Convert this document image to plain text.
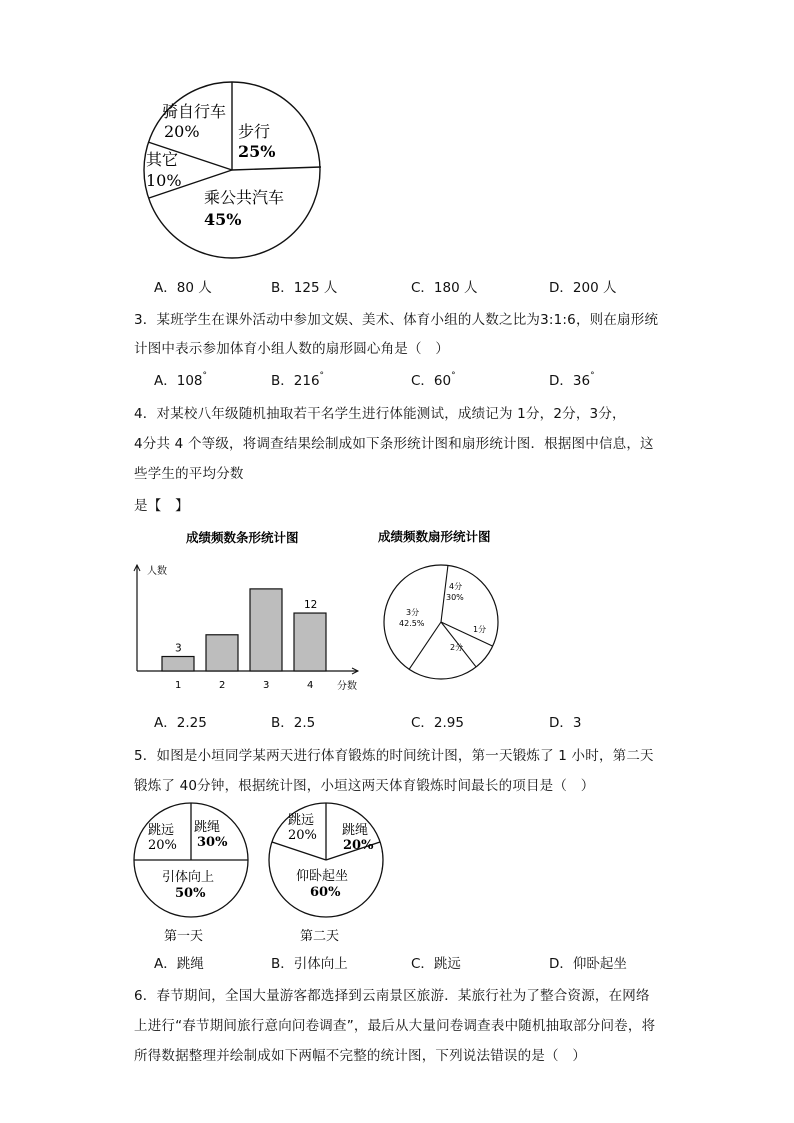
骑自行车
20% 步行
25%
其它
10%
乘公共汽车
45%
A．80 人	B．125 人	C．180 人	D．200 人
3．某班学生在课外活动中参加文娱、美术、体育小组的人数之比为3:1:6，则在扇形统
计图中表示参加体育小组人数的扇形圆心角是（　）
A．108°	B．216°	C．60°	D．36°
4．对某校八年级随机抽取若干名学生进行体能测试，成绩记为 1分，2分，3分，
4分共 4 个等级，将调查结果绘制成如下条形统计图和扇形统计图．根据图中信息，这
些学生的平均分数
是【　】
成绩频数条形统计图
人数
分数
1
3
2	3	4
12
成绩频数扇形统计图
4分
30%
1分
2分
3分
42.5%
A．2.25	B．2.5	C．2.95	D．3
5．如图是小垣同学某两天进行体育锻炼的时间统计图，第一天锻炼了 1 小时，第二天
锻炼了 40分钟，根据统计图，小垣这两天体育锻炼时间最长的项目是（　）
跳远
20%
跳绳
30%
引体向上
50%
第一天
跳远
20% 跳绳
20%
仰卧起坐
60%
第二天
A．跳绳	B．引体向上	C．跳远	D．仰卧起坐
6．春节期间，全国大量游客都选择到云南景区旅游．某旅行社为了整合资源，在网络
上进行“春节期间旅行意向问卷调查”，最后从大量问卷调查表中随机抽取部分问卷，将
所得数据整理并绘制成如下两幅不完整的统计图，下列说法错误的是（　）
